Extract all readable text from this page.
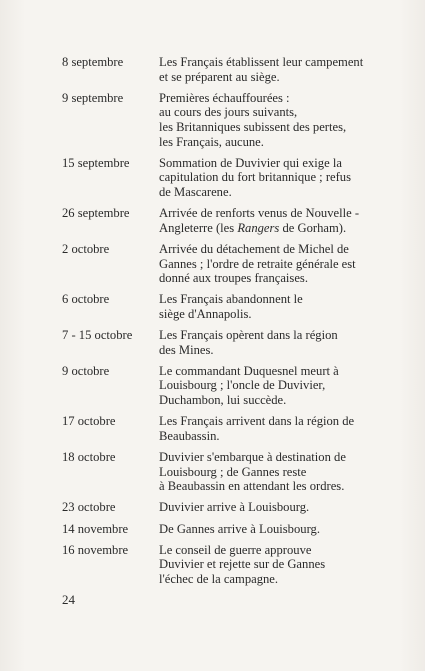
8 septembre	Les Français établissent leur campement
et se préparent au siège.
9 septembre	Premières échauffourées :
au cours des jours suivants,
les Britanniques subissent des pertes,
les Français, aucune.
15 septembre	Sommation de Duvivier qui exige la
capitulation du fort britannique ; refus
de Mascarene.
26 septembre	Arrivée de renforts venus de Nouvelle -
Angleterre (les Rangers de Gorham).
2 octobre	Arrivée du détachement de Michel de
Gannes ; l'ordre de retraite générale est
donné aux troupes françaises.
6 octobre	Les Français abandonnent le
siège d'Annapolis.
7 - 15 octobre	Les Français opèrent dans la région
des Mines.
9 octobre	Le commandant Duquesnel meurt à
Louisbourg ; l'oncle de Duvivier,
Duchambon, lui succède.
17 octobre	Les Français arrivent dans la région de
Beaubassin.
18 octobre	Duvivier s'embarque à destination de
Louisbourg ; de Gannes reste
à Beaubassin en attendant les ordres.
23 octobre	Duvivier arrive à Louisbourg.
14 novembre	De Gannes arrive à Louisbourg.
16 novembre	Le conseil de guerre approuve
Duvivier et rejette sur de Gannes
l'échec de la campagne.
24
